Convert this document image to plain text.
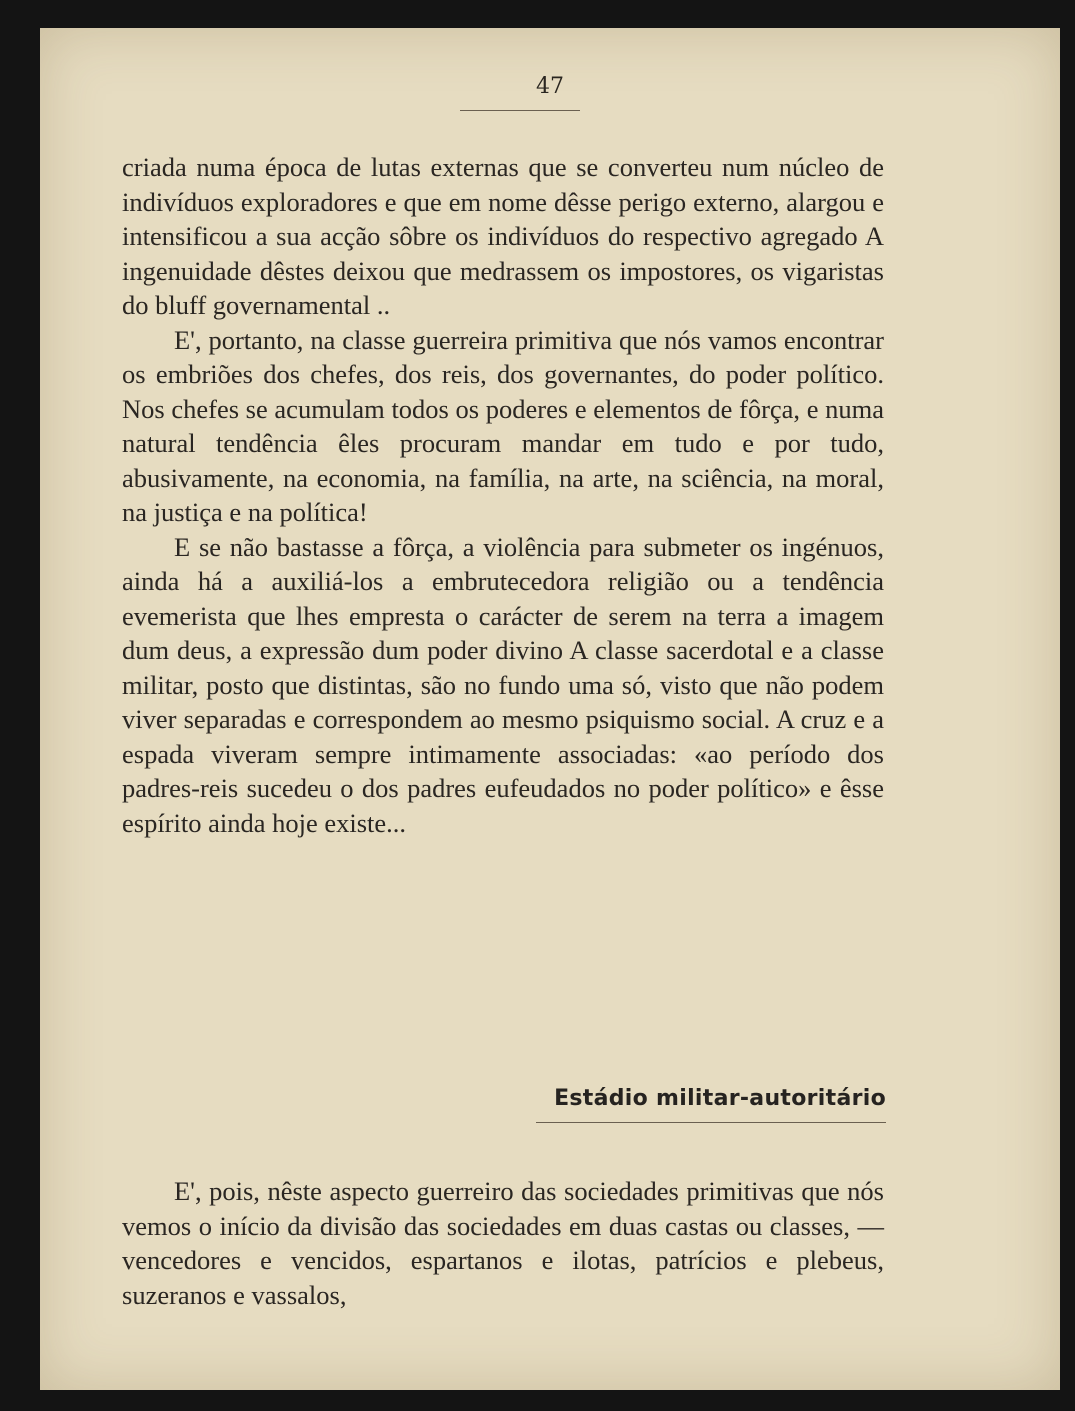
47

criada numa época de lutas externas que se converteu num núcleo de indivíduos exploradores e que em nome dêsse perigo externo, alargou e intensificou a sua acção sôbre os indivíduos do respectivo agregado A ingenuidade dêstes deixou que medrassem os impostores, os vigaristas do bluff governamental ..

E', portanto, na classe guerreira primitiva que nós vamos encontrar os embriões dos chefes, dos reis, dos governantes, do poder político. Nos chefes se acumulam todos os poderes e elementos de fôrça, e numa natural tendência êles procuram mandar em tudo e por tudo, abusivamente, na economia, na família, na arte, na sciência, na moral, na justiça e na política!

E se não bastasse a fôrça, a violência para submeter os ingénuos, ainda há a auxiliá-los a embrutecedora religião ou a tendência evemerista que lhes empresta o carácter de serem na terra a imagem dum deus, a expressão dum poder divino A classe sacerdotal e a classe militar, posto que distintas, são no fundo uma só, visto que não podem viver separadas e correspondem ao mesmo psiquismo social. A cruz e a espada viveram sempre intimamente associadas: «ao período dos padres-reis sucedeu o dos padres eufeudados no poder político» e êsse espírito ainda hoje existe...

Estádio militar-autoritário

E', pois, nêste aspecto guerreiro das sociedades primitivas que nós vemos o início da divisão das sociedades em duas castas ou classes, — vencedores e vencidos, espartanos e ilotas, patrícios e plebeus, suzeranos e vassalos,
